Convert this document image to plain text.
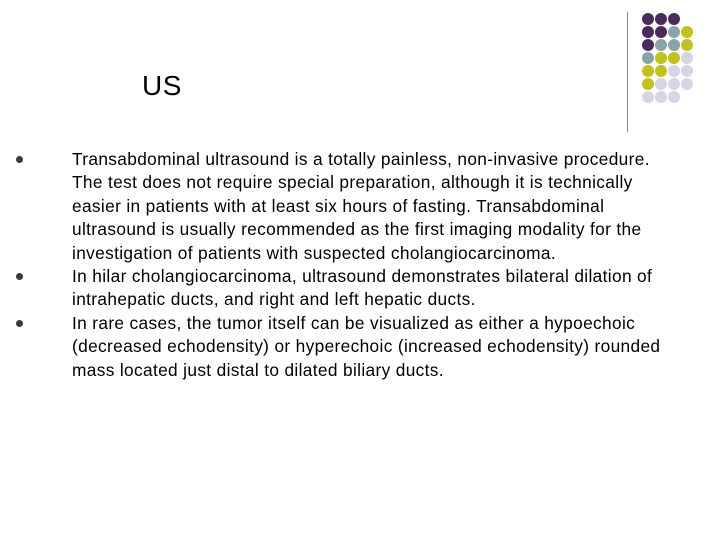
US
Transabdominal ultrasound is a totally painless, non-invasive procedure. The test does not require special preparation, although it is technically easier in patients with at least six hours of fasting. Transabdominal ultrasound is usually recommended as the first imaging modality for the investigation of patients with suspected cholangiocarcinoma.
In hilar cholangiocarcinoma, ultrasound demonstrates bilateral dilation of intrahepatic ducts, and right and left hepatic ducts.
In rare cases, the tumor itself can be visualized as either a hypoechoic (decreased echodensity) or hyperechoic (increased echodensity) rounded mass located just distal to dilated biliary ducts.
